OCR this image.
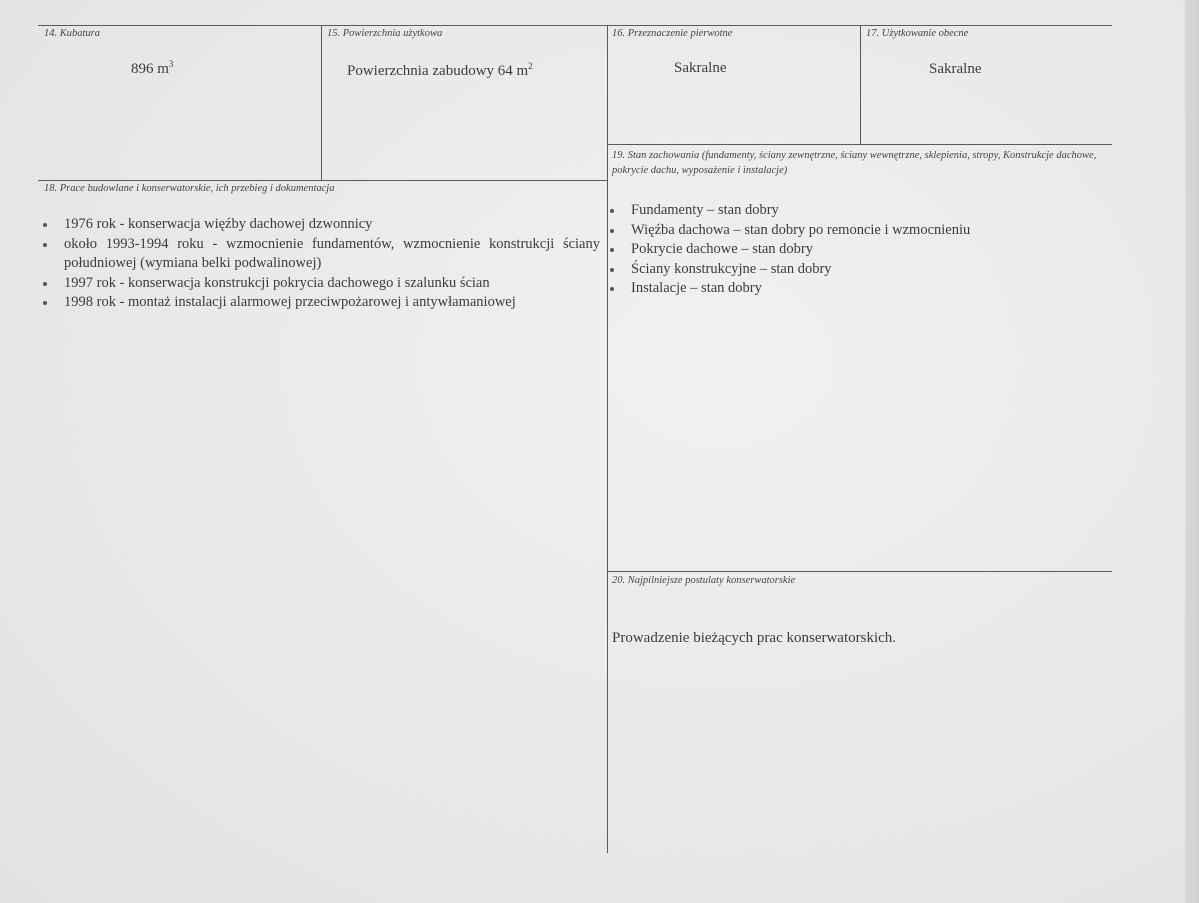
14. Kubatura
896 $m^3$
15. Powierzchnia użytkowa
Powierzchnia zabudowy 64 $m^2$
16. Przeznaczenie pierwotne
Sakralne
17. Użytkowanie obecne
Sakralne
18. Prace budowlane i konserwatorskie, ich przebieg i dokumentacja
1976 rok - konserwacja więźby dachowej dzwonnicy
około 1993-1994 roku - wzmocnienie fundamentów, wzmocnienie konstrukcji ściany południowej (wymiana belki podwalinowej)
1997 rok - konserwacja konstrukcji pokrycia dachowego i szalunku ścian
1998 rok - montaż instalacji alarmowej przeciwpożarowej i antywłamaniowej
19. Stan zachowania (fundamenty, ściany zewnętrzne, ściany wewnętrzne, sklepienia, stropy, Konstrukcje dachowe, pokrycie dachu, wyposażenie i instalacje)
Fundamenty – stan dobry
Więźba dachowa – stan dobry po remoncie i wzmocnieniu
Pokrycie dachowe – stan dobry
Ściany konstrukcyjne – stan dobry
Instalacje – stan dobry
20. Najpilniejsze postulaty konserwatorskie
Prowadzenie bieżących prac konserwatorskich.
